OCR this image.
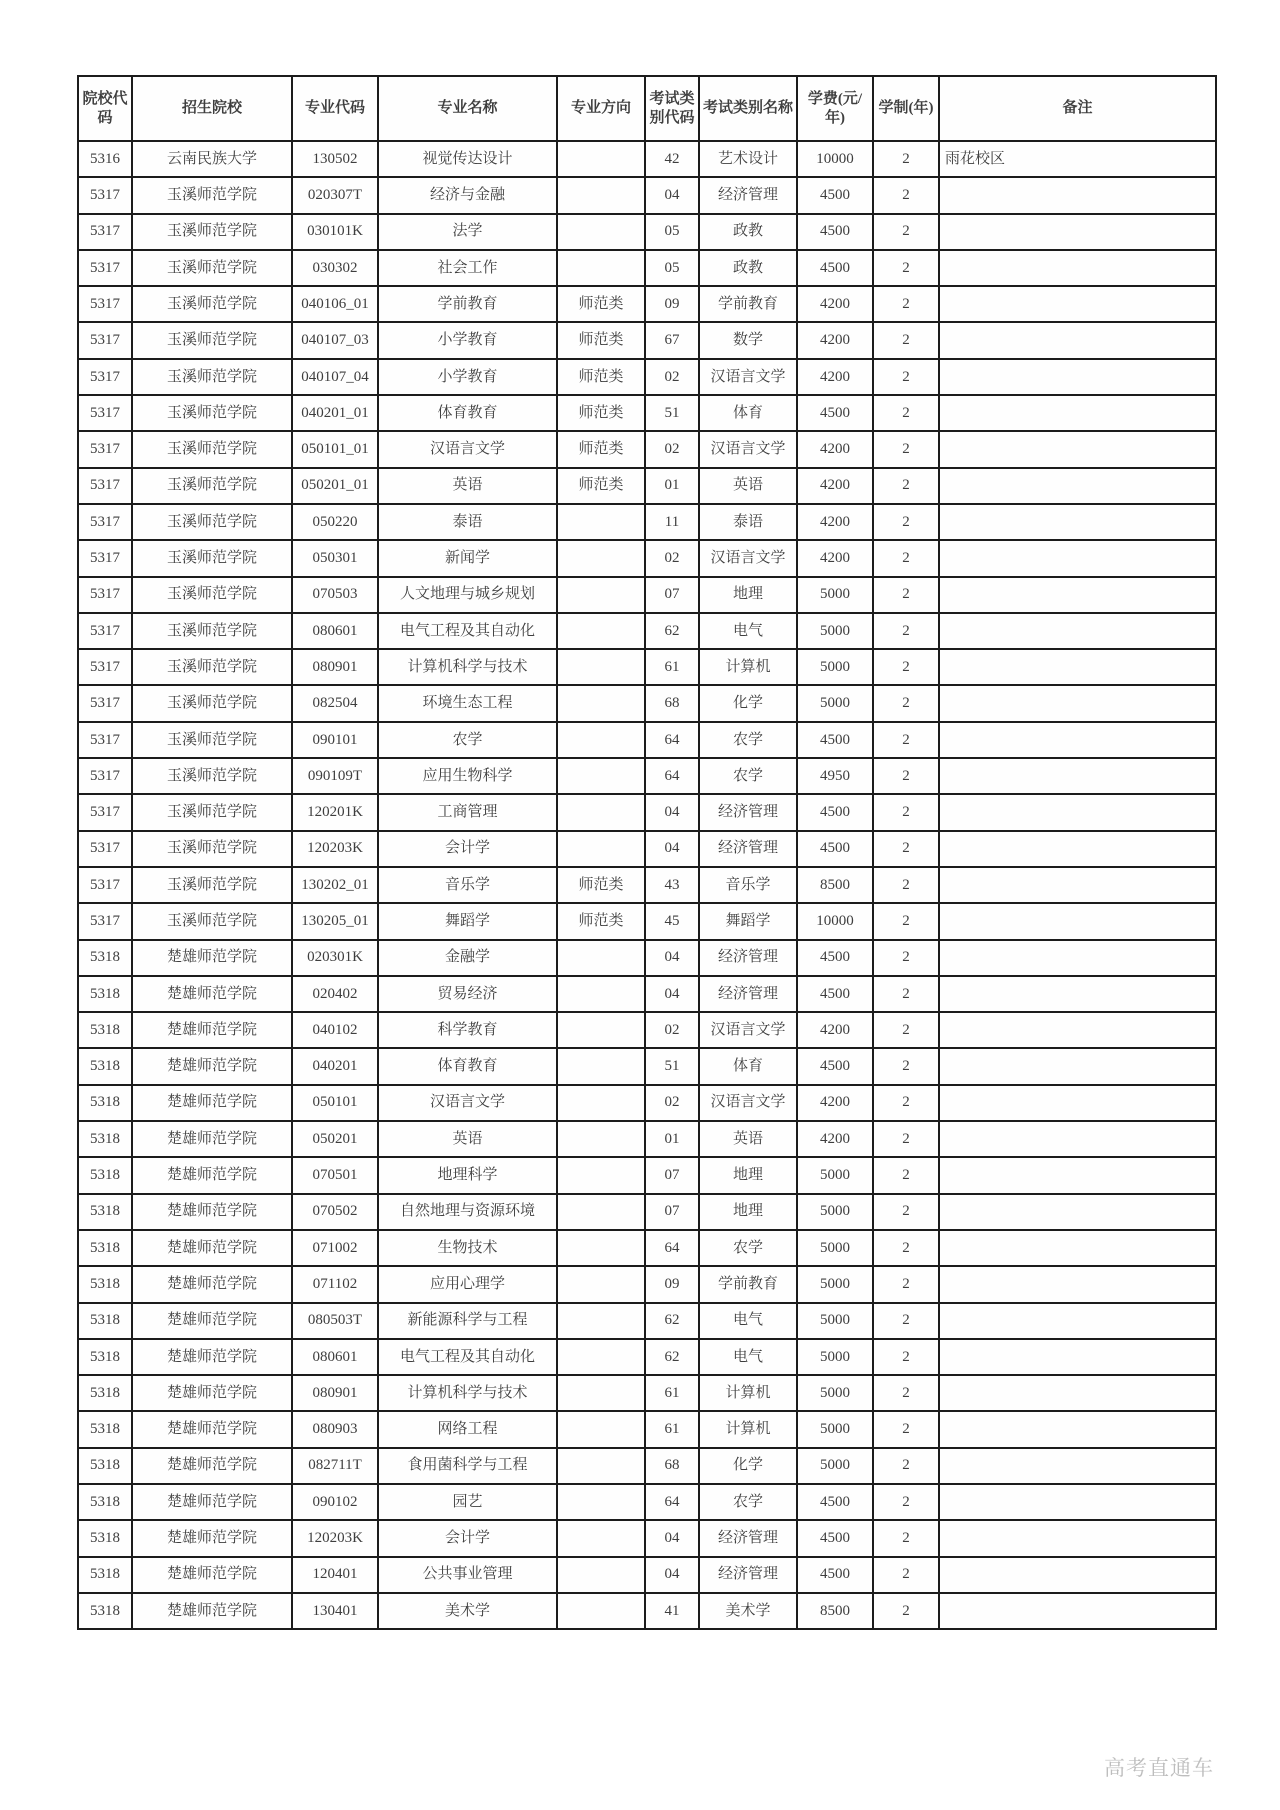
院校代码	招生院校	专业代码	专业名称	专业方向	考试类别代码	考试类别名称	学费(元/年)	学制(年)	备注
5316	云南民族大学	130502	视觉传达设计		42	艺术设计	10000	2	雨花校区
5317	玉溪师范学院	020307T	经济与金融		04	经济管理	4500	2	
5317	玉溪师范学院	030101K	法学		05	政教	4500	2	
5317	玉溪师范学院	030302	社会工作		05	政教	4500	2	
5317	玉溪师范学院	040106_01	学前教育	师范类	09	学前教育	4200	2	
5317	玉溪师范学院	040107_03	小学教育	师范类	67	数学	4200	2	
5317	玉溪师范学院	040107_04	小学教育	师范类	02	汉语言文学	4200	2	
5317	玉溪师范学院	040201_01	体育教育	师范类	51	体育	4500	2	
5317	玉溪师范学院	050101_01	汉语言文学	师范类	02	汉语言文学	4200	2	
5317	玉溪师范学院	050201_01	英语	师范类	01	英语	4200	2	
5317	玉溪师范学院	050220	泰语		11	泰语	4200	2	
5317	玉溪师范学院	050301	新闻学		02	汉语言文学	4200	2	
5317	玉溪师范学院	070503	人文地理与城乡规划		07	地理	5000	2	
5317	玉溪师范学院	080601	电气工程及其自动化		62	电气	5000	2	
5317	玉溪师范学院	080901	计算机科学与技术		61	计算机	5000	2	
5317	玉溪师范学院	082504	环境生态工程		68	化学	5000	2	
5317	玉溪师范学院	090101	农学		64	农学	4500	2	
5317	玉溪师范学院	090109T	应用生物科学		64	农学	4950	2	
5317	玉溪师范学院	120201K	工商管理		04	经济管理	4500	2	
5317	玉溪师范学院	120203K	会计学		04	经济管理	4500	2	
5317	玉溪师范学院	130202_01	音乐学	师范类	43	音乐学	8500	2	
5317	玉溪师范学院	130205_01	舞蹈学	师范类	45	舞蹈学	10000	2	
5318	楚雄师范学院	020301K	金融学		04	经济管理	4500	2	
5318	楚雄师范学院	020402	贸易经济		04	经济管理	4500	2	
5318	楚雄师范学院	040102	科学教育		02	汉语言文学	4200	2	
5318	楚雄师范学院	040201	体育教育		51	体育	4500	2	
5318	楚雄师范学院	050101	汉语言文学		02	汉语言文学	4200	2	
5318	楚雄师范学院	050201	英语		01	英语	4200	2	
5318	楚雄师范学院	070501	地理科学		07	地理	5000	2	
5318	楚雄师范学院	070502	自然地理与资源环境		07	地理	5000	2	
5318	楚雄师范学院	071002	生物技术		64	农学	5000	2	
5318	楚雄师范学院	071102	应用心理学		09	学前教育	5000	2	
5318	楚雄师范学院	080503T	新能源科学与工程		62	电气	5000	2	
5318	楚雄师范学院	080601	电气工程及其自动化		62	电气	5000	2	
5318	楚雄师范学院	080901	计算机科学与技术		61	计算机	5000	2	
5318	楚雄师范学院	080903	网络工程		61	计算机	5000	2	
5318	楚雄师范学院	082711T	食用菌科学与工程		68	化学	5000	2	
5318	楚雄师范学院	090102	园艺		64	农学	4500	2	
5318	楚雄师范学院	120203K	会计学		04	经济管理	4500	2	
5318	楚雄师范学院	120401	公共事业管理		04	经济管理	4500	2	
5318	楚雄师范学院	130401	美术学		41	美术学	8500	2	
高考直通车
